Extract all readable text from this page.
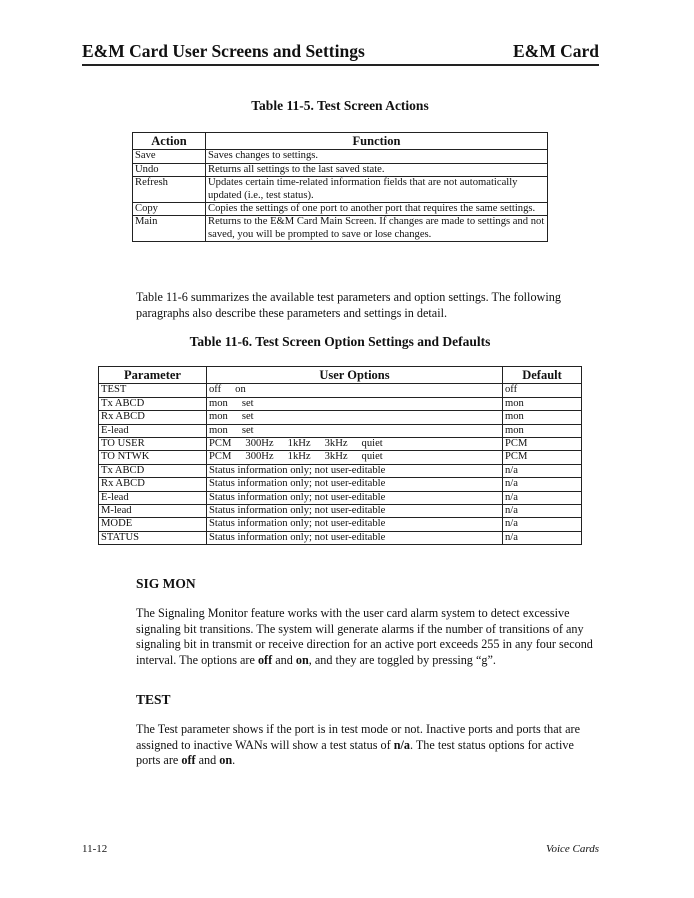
E&M Card User Screens and Settings	E&M Card
Table 11-5. Test Screen Actions
Action	Function
Save	Saves changes to settings.
Undo	Returns all settings to the last saved state.
Refresh	Updates certain time-related information fields that are not automatically updated (i.e., test status).
Copy	Copies the settings of one port to another port that requires the same settings.
Main	Returns to the E&M Card Main Screen. If changes are made to settings and not saved, you will be prompted to save or lose changes.
Table 11-6 summarizes the available test parameters and option settings. The following paragraphs also describe these parameters and settings in detail.
Table 11-6. Test Screen Option Settings and Defaults
Parameter	User Options	Default
TEST	off on	off
Tx ABCD	mon set	mon
Rx ABCD	mon set	mon
E-lead	mon set	mon
TO USER	PCM 300Hz 1kHz 3kHz quiet	PCM
TO NTWK	PCM 300Hz 1kHz 3kHz quiet	PCM
Tx ABCD	Status information only; not user-editable	n/a
Rx ABCD	Status information only; not user-editable	n/a
E-lead	Status information only; not user-editable	n/a
M-lead	Status information only; not user-editable	n/a
MODE	Status information only; not user-editable	n/a
STATUS	Status information only; not user-editable	n/a
SIG MON
The Signaling Monitor feature works with the user card alarm system to detect excessive signaling bit transitions. The system will generate alarms if the number of transitions of any signaling bit in transmit or receive direction for an active port exceeds 255 in any four second interval. The options are off and on, and they are toggled by pressing “g”.
TEST
The Test parameter shows if the port is in test mode or not. Inactive ports and ports that are assigned to inactive WANs will show a test status of n/a. The test status options for active ports are off and on.
11-12	Voice Cards
